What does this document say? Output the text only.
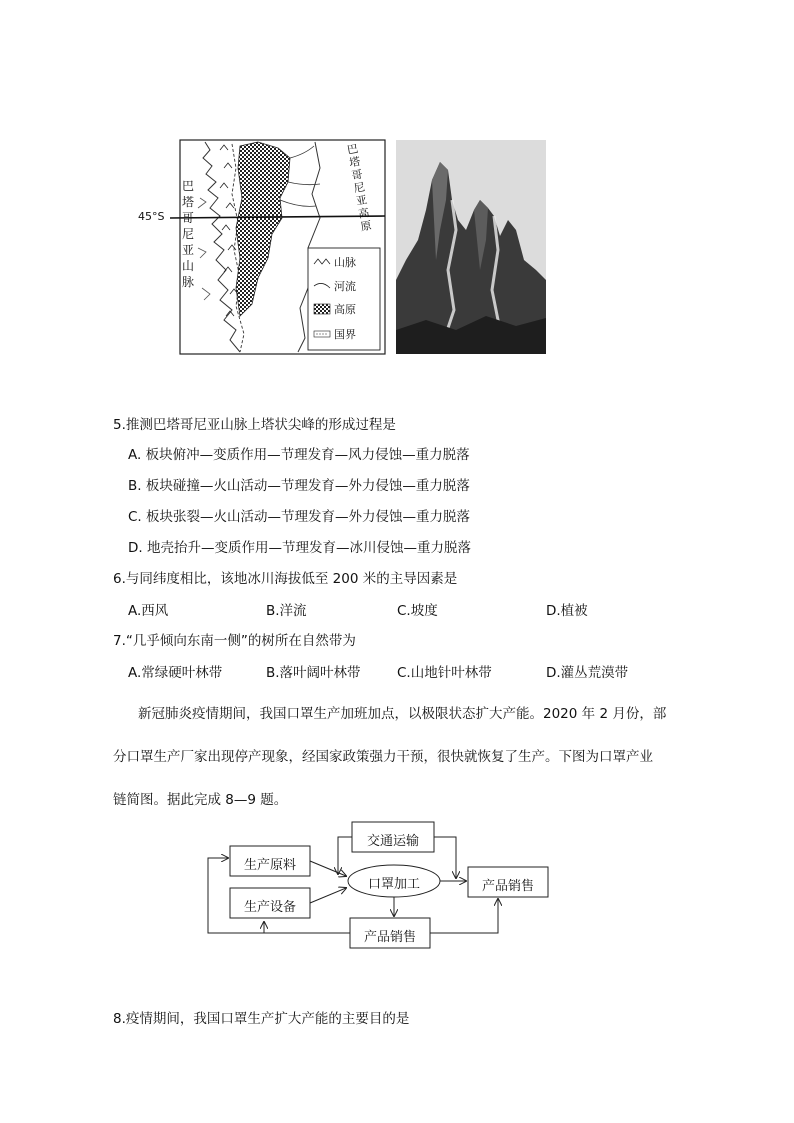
45°S
巴塔哥尼亚山脉
巴塔哥尼亚高原
山脉
河流
高原
国界
5.推测巴塔哥尼亚山脉上塔状尖峰的形成过程是
A. 板块俯冲—变质作用—节理发育—风力侵蚀—重力脱落
B. 板块碰撞—火山活动—节理发育—外力侵蚀—重力脱落
C. 板块张裂—火山活动—节理发育—外力侵蚀—重力脱落
D. 地壳抬升—变质作用—节理发育—冰川侵蚀—重力脱落
6.与同纬度相比，该地冰川海拔低至 200 米的主导因素是
A.西风	B.洋流	C.坡度	D.植被
7.“几乎倾向东南一侧”的树所在自然带为
A.常绿硬叶林带	B.落叶阔叶林带	C.山地针叶林带	D.灌丛荒漠带
新冠肺炎疫情期间，我国口罩生产加班加点，以极限状态扩大产能。2020 年 2 月份，部
分口罩生产厂家出现停产现象，经国家政策强力干预，很快就恢复了生产。下图为口罩产业
链简图。据此完成 8—9 题。
交通运输
生产原料
生产设备
口罩加工	产品销售
产品销售
8.疫情期间，我国口罩生产扩大产能的主要目的是
